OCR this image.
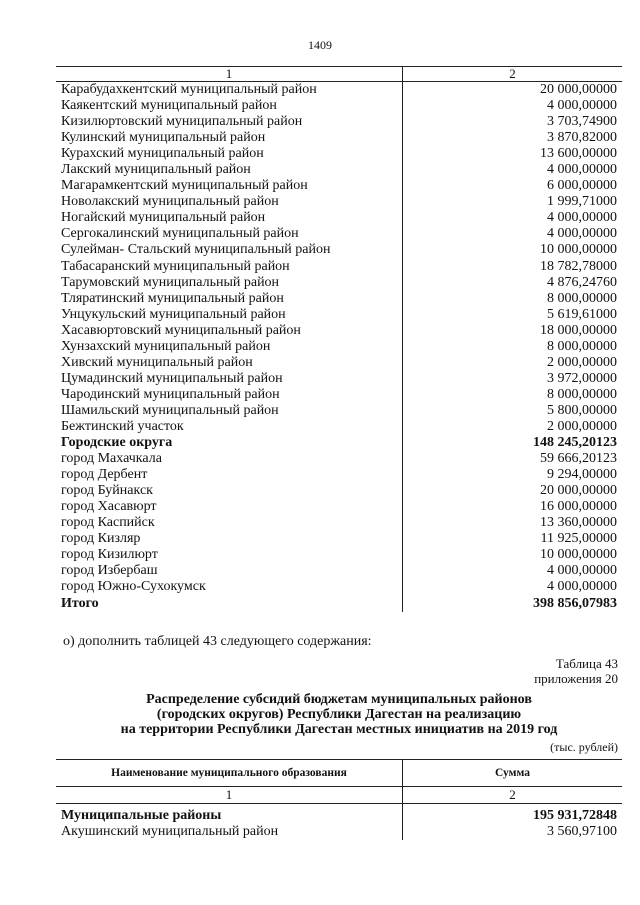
1409
1	2
Карабудахкентский муниципальный район	20 000,00000
Каякентский муниципальный район	4 000,00000
Кизилюртовский муниципальный район	3 703,74900
Кулинский муниципальный район	3 870,82000
Курахский муниципальный район	13 600,00000
Лакский муниципальный район	4 000,00000
Магарамкентский муниципальный район	6 000,00000
Новолакский муниципальный район	1 999,71000
Ногайский муниципальный район	4 000,00000
Сергокалинский муниципальный район	4 000,00000
Сулейман- Стальский муниципальный район	10 000,00000
Табасаранский муниципальный район	18 782,78000
Тарумовский муниципальный район	4 876,24760
Тляратинский муниципальный район	8 000,00000
Унцукульский муниципальный район	5 619,61000
Хасавюртовский муниципальный район	18 000,00000
Хунзахский муниципальный район	8 000,00000
Хивский муниципальный район	2 000,00000
Цумадинский муниципальный район	3 972,00000
Чародинский муниципальный район	8 000,00000
Шамильский муниципальный район	5 800,00000
Бежтинский участок	2 000,00000
Городские округа	148 245,20123
город Махачкала	59 666,20123
город Дербент	9 294,00000
город Буйнакск	20 000,00000
город Хасавюрт	16 000,00000
город Каспийск	13 360,00000
город Кизляр	11 925,00000
город Кизилюрт	10 000,00000
город Избербаш	4 000,00000
город Южно-Сухокумск	4 000,00000
Итого	398 856,07983
о) дополнить таблицей 43 следующего содержания:
Таблица 43
приложения 20
Распределение субсидий бюджетам муниципальных районов
(городских округов) Республики Дагестан на реализацию
на территории Республики Дагестан местных инициатив на 2019 год
(тыс. рублей)
Наименование муниципального образования	Сумма
1	2
Муниципальные районы	195 931,72848
Акушинский муниципальный район	3 560,97100
